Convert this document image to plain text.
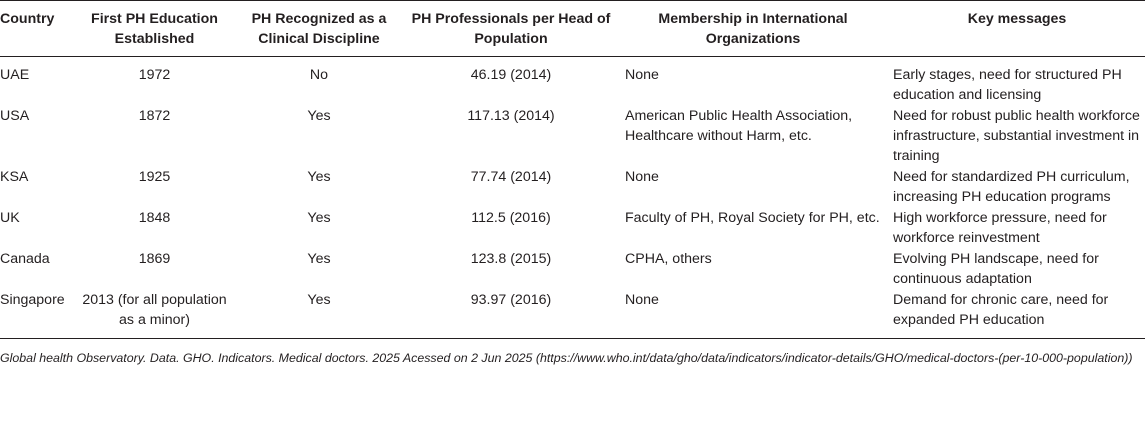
Country	First PH Education Established	PH Recognized as a Clinical Discipline	PH Professionals per Head of Population	Membership in International Organizations	Key messages
UAE	1972	No	46.19 (2014)	None	Early stages, need for structured PH education and licensing
USA	1872	Yes	117.13 (2014)	American Public Health Association, Healthcare without Harm, etc.	Need for robust public health workforce infrastructure, substantial investment in training
KSA	1925	Yes	77.74 (2014)	None	Need for standardized PH curriculum, increasing PH education programs
UK	1848	Yes	112.5 (2016)	Faculty of PH, Royal Society for PH, etc.	High workforce pressure, need for workforce reinvestment
Canada	1869	Yes	123.8 (2015)	CPHA, others	Evolving PH landscape, need for continuous adaptation
Singapore	2013 (for all population as a minor)	Yes	93.97 (2016)	None	Demand for chronic care, need for expanded PH education
Global health Observatory. Data. GHO. Indicators. Medical doctors. 2025 Acessed on 2 Jun 2025 (https://www.who.int/data/gho/data/indicators/indicator-details/GHO/medical-doctors-(per-10-000-population))
